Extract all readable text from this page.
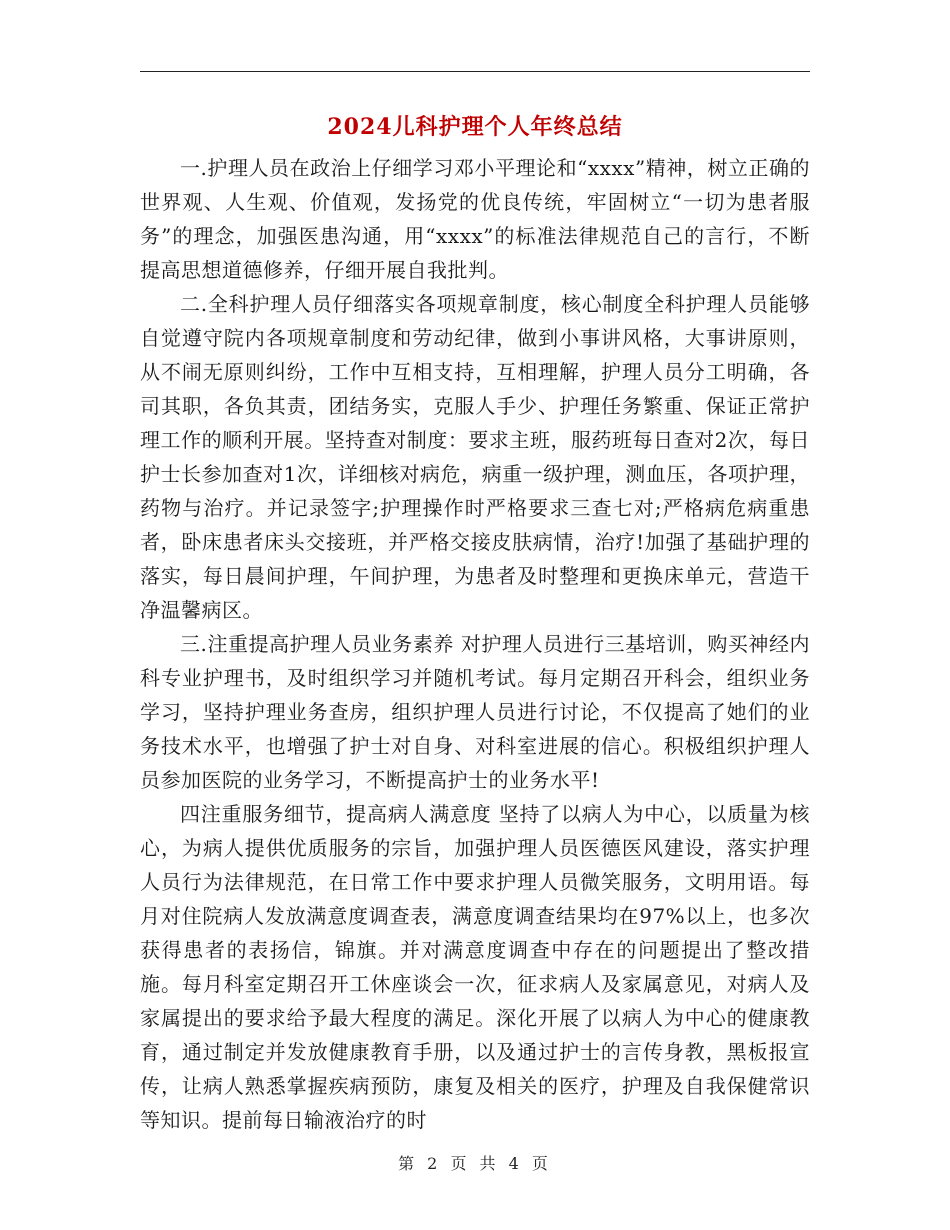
2024儿科护理个人年终总结

一.护理人员在政治上仔细学习邓小平理论和“xxxx”精神，树立正确的世界观、人生观、价值观，发扬党的优良传统，牢固树立“一切为患者服务”的理念，加强医患沟通，用“xxxx”的标准法律规范自己的言行，不断提高思想道德修养，仔细开展自我批判。

二.全科护理人员仔细落实各项规章制度，核心制度全科护理人员能够自觉遵守院内各项规章制度和劳动纪律，做到小事讲风格，大事讲原则，从不闹无原则纠纷，工作中互相支持，互相理解，护理人员分工明确，各司其职，各负其责，团结务实，克服人手少、护理任务繁重、保证正常护理工作的顺利开展。坚持查对制度：要求主班，服药班每日查对2次，每日护士长参加查对1次，详细核对病危，病重一级护理，测血压，各项护理，药物与治疗。并记录签字;护理操作时严格要求三查七对;严格病危病重患者，卧床患者床头交接班，并严格交接皮肤病情，治疗!加强了基础护理的落实，每日晨间护理，午间护理，为患者及时整理和更换床单元，营造干净温馨病区。

三.注重提高护理人员业务素养 对护理人员进行三基培训，购买神经内科专业护理书，及时组织学习并随机考试。每月定期召开科会，组织业务学习，坚持护理业务查房，组织护理人员进行讨论，不仅提高了她们的业务技术水平，也增强了护士对自身、对科室进展的信心。积极组织护理人员参加医院的业务学习，不断提高护士的业务水平!

四注重服务细节，提高病人满意度 坚持了以病人为中心，以质量为核心，为病人提供优质服务的宗旨，加强护理人员医德医风建设，落实护理人员行为法律规范，在日常工作中要求护理人员微笑服务，文明用语。每月对住院病人发放满意度调查表，满意度调查结果均在97%以上，也多次获得患者的表扬信，锦旗。并对满意度调查中存在的问题提出了整改措施。每月科室定期召开工休座谈会一次，征求病人及家属意见，对病人及家属提出的要求给予最大程度的满足。深化开展了以病人为中心的健康教育，通过制定并发放健康教育手册，以及通过护士的言传身教，黑板报宣传，让病人熟悉掌握疾病预防，康复及相关的医疗，护理及自我保健常识等知识。提前每日输液治疗的时

第 2 页 共 4 页
